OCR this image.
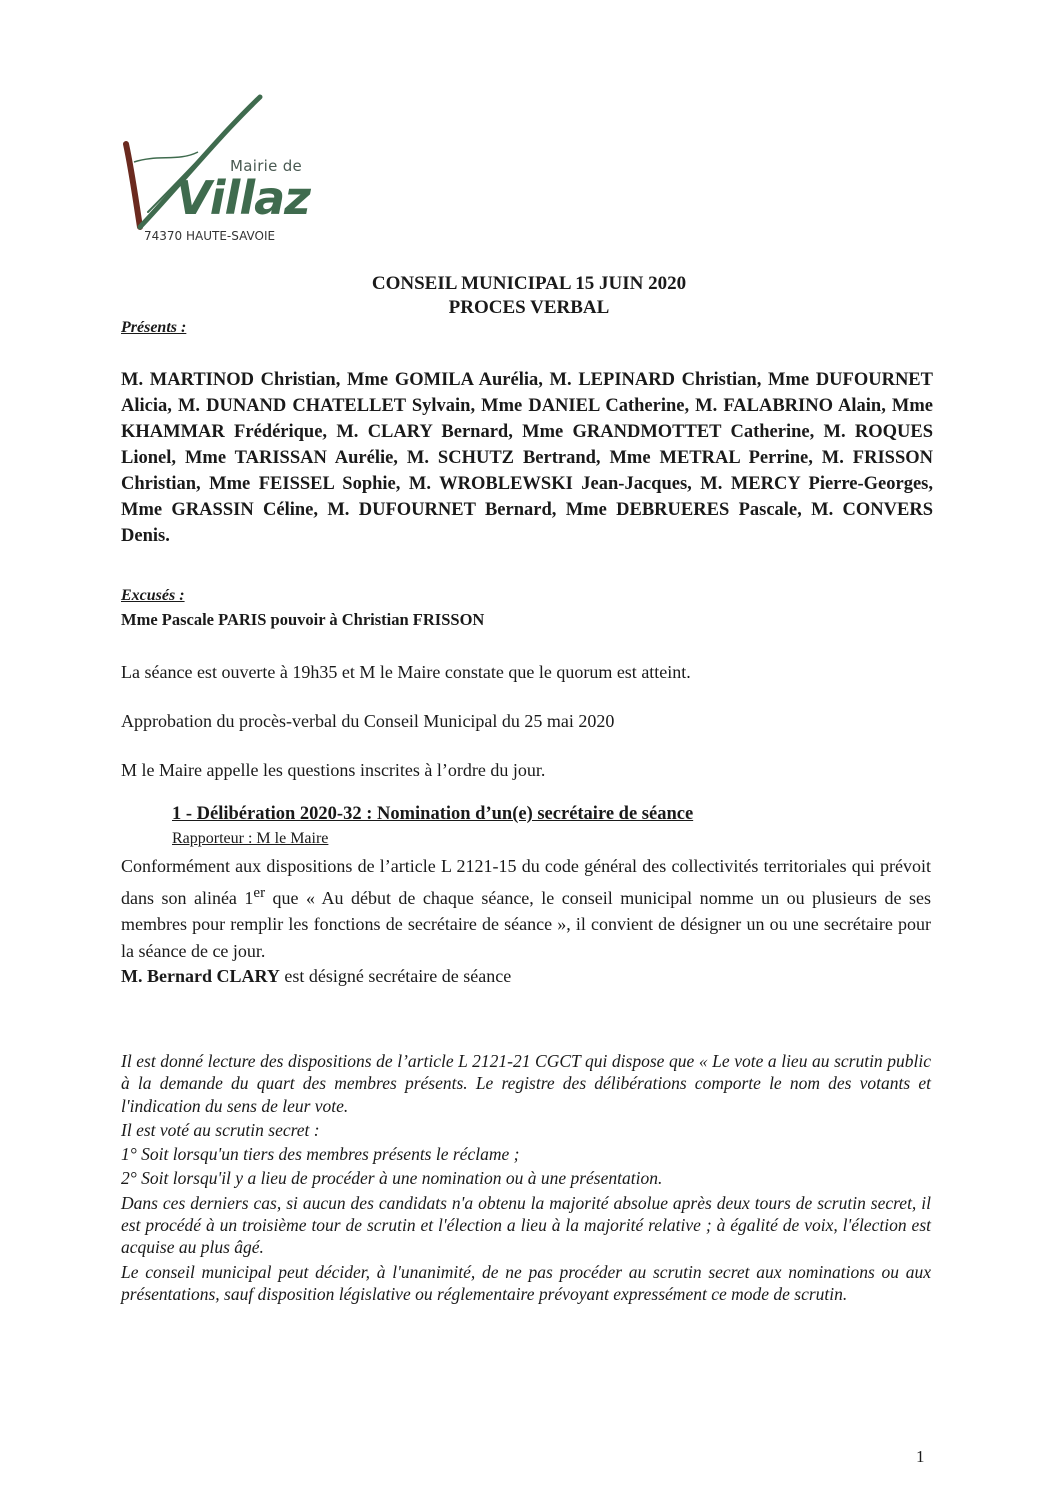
Mairie de
Villaz
74370 HAUTE-SAVOIE
CONSEIL MUNICIPAL 15 JUIN 2020
PROCES VERBAL
Présents :
M. MARTINOD Christian, Mme GOMILA Aurélia, M. LEPINARD Christian, Mme DUFOURNET Alicia, M. DUNAND CHATELLET Sylvain, Mme DANIEL Catherine, M. FALABRINO Alain, Mme KHAMMAR Frédérique, M. CLARY Bernard, Mme GRANDMOTTET Catherine, M. ROQUES Lionel, Mme TARISSAN Aurélie, M. SCHUTZ Bertrand, Mme METRAL Perrine, M. FRISSON Christian, Mme FEISSEL Sophie, M. WROBLEWSKI Jean-Jacques, M. MERCY Pierre-Georges, Mme GRASSIN Céline, M. DUFOURNET Bernard, Mme DEBRUERES Pascale, M. CONVERS Denis.
Excusés :
Mme Pascale PARIS pouvoir à Christian FRISSON
La séance est ouverte à 19h35 et M le Maire constate que le quorum est atteint.
Approbation du procès-verbal du Conseil Municipal du 25 mai 2020
M le Maire appelle les questions inscrites à l’ordre du jour.
1 - Délibération 2020-32 : Nomination d’un(e) secrétaire de séance
Rapporteur : M le Maire
Conformément aux dispositions de l’article L 2121-15 du code général des collectivités territoriales qui prévoit dans son alinéa 1er que « Au début de chaque séance, le conseil municipal nomme un ou plusieurs de ses membres pour remplir les fonctions de secrétaire de séance », il convient de désigner un ou une secrétaire pour la séance de ce jour.
M. Bernard CLARY est désigné secrétaire de séance

Il est donné lecture des dispositions de l’article L 2121-21 CGCT qui dispose que « Le vote a lieu au scrutin public à la demande du quart des membres présents. Le registre des délibérations comporte le nom des votants et l'indication du sens de leur vote.

Il est voté au scrutin secret :

1° Soit lorsqu'un tiers des membres présents le réclame ;

2° Soit lorsqu'il y a lieu de procéder à une nomination ou à une présentation.

Dans ces derniers cas, si aucun des candidats n'a obtenu la majorité absolue après deux tours de scrutin secret, il est procédé à un troisième tour de scrutin et l'élection a lieu à la majorité relative ; à égalité de voix, l'élection est acquise au plus âgé.

Le conseil municipal peut décider, à l'unanimité, de ne pas procéder au scrutin secret aux nominations ou aux présentations, sauf disposition législative ou réglementaire prévoyant expressément ce mode de scrutin.

1
